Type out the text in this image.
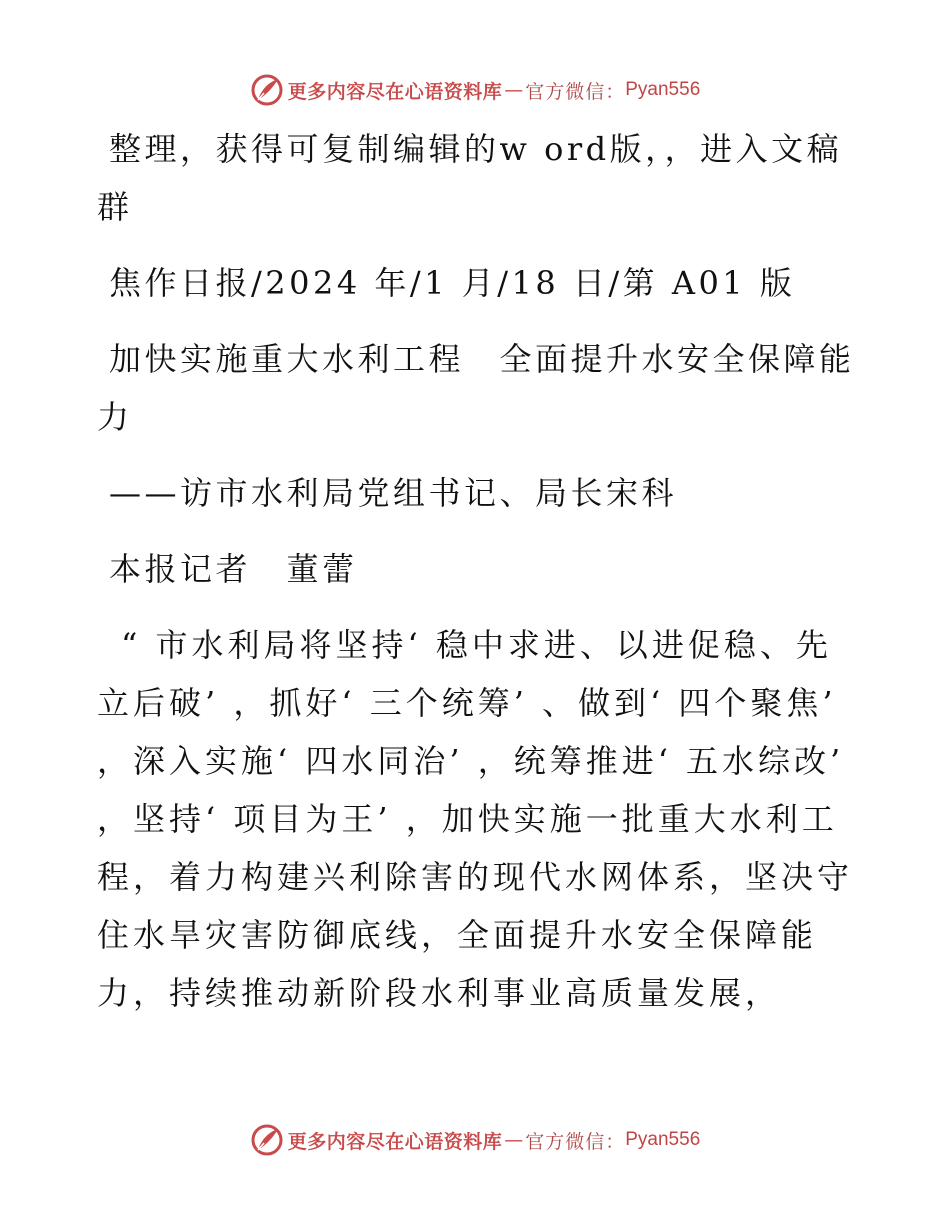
更多内容尽在心语资料库 — 官方微信： Pyan556

整理，获得可复制编辑的w ord版，，进入文稿群

焦作日报/2024 年/1 月/18 日/第 A01 版

加快实施重大水利工程　全面提升水安全保障能力

——访市水利局党组书记、局长宋科

本报记者　董蕾

“ 市水利局将坚持‘ 稳中求进、以进促稳、先立后破’ ，抓好‘ 三个统筹’ 、做到‘ 四个聚焦’ ，深入实施‘ 四水同治’ ，统筹推进‘ 五水综改’ ，坚持‘ 项目为王’ ，加快实施一批重大水利工程，着力构建兴利除害的现代水网体系，坚决守住水旱灾害防御底线，全面提升水安全保障能力，持续推动新阶段水利事业高质量发展，

更多内容尽在心语资料库 — 官方微信： Pyan556
